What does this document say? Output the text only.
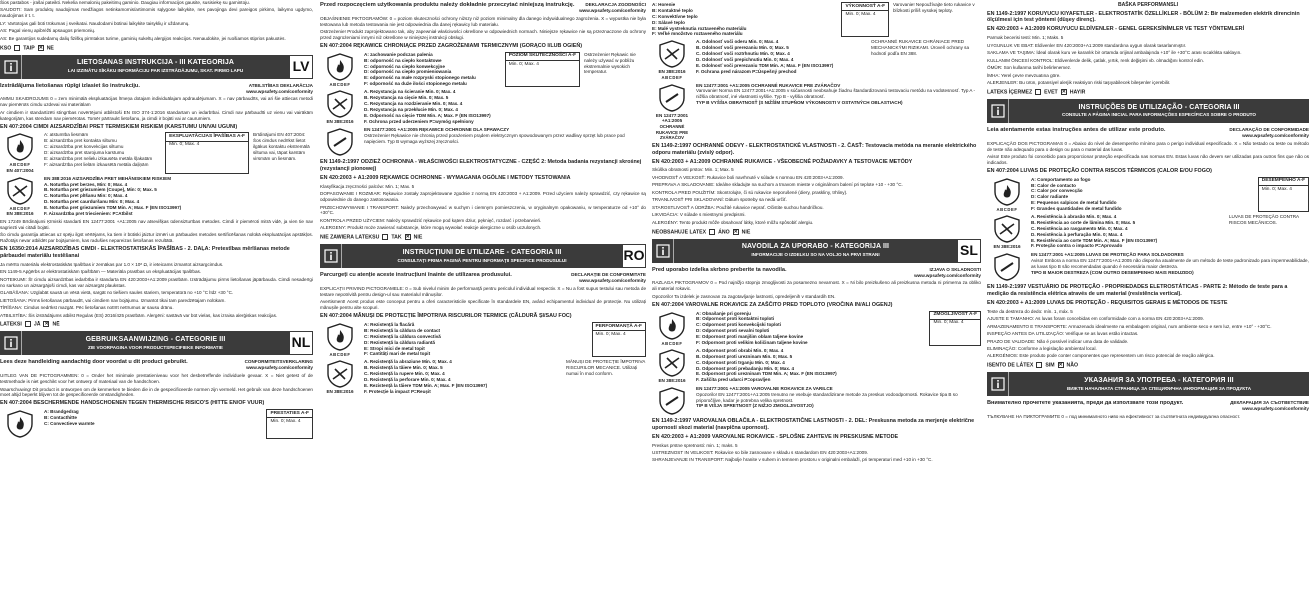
Šios pastabos - įrašai pateikti. Nekelia nemalonių pakeitimų gaminio. Daugiau informacijos gausite, susisiekę su gamintoju.

SAUDOTI: Sam produktų naudojimas medžiagos netinkamomis/artimomis sąlygose laikykite, nes pavojinga devi pareigos pirkimo, laikymo ugdymo, naudojimas ir t. t.

LY: Vartotojas gali būti trūkumas į sveikatai. Naudodami būtinai laikykite taisyklių ir uždarumų.

AS: Pagal vienų apibrėžti apsaugos priemonių.

AS: Be garantijos sudedamų dalių fiziškų pirmtakos turime, gaminių sukeltų alergijos reakcijos. Nenaudokite, jei ruošiamos stiprios pakuotės.

KSO TAIP ✕ NE
LIETOSANAS INSTRUKCIJA - III KATEGORIJA
LAI IZZINĀTU SĪKĀKU INFORMĀCIJU PAR IZSTRĀDĀJUMU, SKAT. PIRMO LAPU	LV
Izstrādājuma lietošanas rūpīgi izlasiet šo instrukciju.	ATBILSTĪBAS DEKLARĀCIJA
www.wpsafety.com/conformity

AMMU SKAIDROJUMS 0 = zem minimālā ekspluatācijas līmeņa dotajam individuālajam apdraudējumam. X = nav pārbaudīts, vai ari šie attiecas metodi nav piemērots cimdu uzdevai vai materiālam

Ar cimdiem ir standartizēti stingrības novērtējumi atbilstoši EN ISO 374-1:2016 standartam un iedarbībai. Cimdi nav pārbaudīti uz vienu vai vairākām kategorijām, kas stendam nav piemērotas. Tomēr pārtraukt lietošanu, ja cimdi ir bojāti vai ar caurumiem.

EN 407:2004 CIMDI AIZSARDZĪBAI PRET TERMISKIEM RISKIEM (KARSTUMU UN/VAI UGUNI)
ABCDEF
EN 407:2004
A: atstumība liesmām
B: aizsardzība pret kontakta siltumu
C: aizsardzība pret konvekcijas siltumu
D: aizsardzība pret starojuma karstumu
E: aizsardzība pret nelielu izkausēta metāla šļakatām
F: aizsardzība pret lielām izkausētā metāla daļiņām
EKSPLUATĀCIJAS ĪPAŠĪBAS A-F
Min. 0; Max. 4
Brīdinājumi EN 407:2004: Šos cimdus nedrīkst lietot ilgākus kontaktu ekstremālā siltuma vai, tāpat karstām virsmām un liesmām.
ABCDEF
EN 388:2016
EN 388:2016 AIZSARDZĪBA PRET MEHĀNISKIEM RISKIEM
A. Noturība pret berzes, Min: 0; Max. 4
B. Noturība pret griezumiem (Coupe), Min: 0; Max. 5
C. Noturība pret plīšanu Min: 0; Max. 4
D. Noturība pret caurduršanu Min: 0; Max. 4
E. Noturība pret griezumiem TDM Min. A; Max. F (EN ISO13997)
F. Aizsardzība pret triecieniem: P=Atbilst

EN 17249 Brīdinājumi Ķīmiski standarti EN 12477:2001 +A1:2005 nav atsevišķas ūdensizturības metodes. Cimdi ir piemēroti mitrā vidē, ja vien tie nav sagriezti vai citādi bojāti.

Šo cimdu garantija attiecas uz spēju ilgst vērtējams, ka tiem ir būtiski jāiztur izmēri un pārbaudes metodes sertificēšanas nolūkā ekspluatācijas apstākļos. Ražotājs nevar atbildēt par bojājumiem, kas radušies nepareizas lietošanas rezultātā.

EN 16350:2014 AIZSARDZĪBAS CIMDI - ELEKTROSTATISKĀS ĪPAŠĪBAS - 2. DAĻA: Pretestības mērīšanas metode pārbaudei materiālu testēšanai

Ja mērīto materiālu elektrostatiskās īpašības ir zemākas par 1.0 × 10⁸ Ω, ir ieteicams izmantot aizsargcimdus.

EN 1149-5 Apģērbs ar elektrostatiskām īpašībām — Materiāla prasības un ekspluatācijas īpašības.

NOTEIKUMI: Šī cimdu aizsardzības iedarbība ir standarta EN 420:2003+A1:2009 prasībām. Izstrādājumu pirms lietošanas jāpārbauda. Cimdi nesaderīgi no sarkano un aizsargājoši cimdi, kas var aizsargāt plaukstas.

GLABĀŠANA: Uzglabāt sausā un vēsā vietā, sargāt no tiešiem saules stariem, temperatūrā no +10 °C līdz +30 °C.

LIETOŠANA: Pirms lietošanas pārbaudīt, vai cimdiem nav bojājumu. Izmantot tikai tam paredzētajam nolūkam.

TĪRĪŠANA: Cimdus nedrīkst mazgāt. Pēc lietošanas notīrīt netīrumus ar sausu drānu.

ATBILSTĪBA: Šis izstrādājums atbilst Regulas (ES) 2016/425 prasībām. Alergēni: sastāvā var būt vielas, kas izraisa alerģiskas reakcijas.

LATEKSI JĀ ✕ NĒ
GEBRUIKSAANWIJZING - CATEGORIE III
ZIE VOORPAGINA VOOR PRODUCTSPECIFIEKE INFORMATIE	NL
Lees deze handleiding aandachtig door voordat u dit product gebruikt.	CONFORMITEITSVERKLARING
www.wpsafety.com/conformity

UITLEG VAN DE PICTOGRAMMEN: 0 = Onder het minimale prestatieniveau voor het desbetreffende individuele gevaar. X = Niet getest of de testmethode is niet geschikt voor het ontwerp of materiaal van de handschoen.

Waarschuwing! Dit product is ontworpen om de kenmerken te bieden die in de gespecificeerde normen zijn vermeld. Het gebruik van deze handschoenen moet altijd beperkt blijven tot de gespecificeerde omstandigheden.

EN 407:2004 BESCHERMENDE HANDSCHOENEN TEGEN THERMISCHE RISICO'S (HITTE EN/OF VUUR)
A: Brandgedrag
B: Contacthitte
C: Convectieve warmte
PRESTATIES A-F
Min. 0; Max. 4
Przed rozpoczęciem użytkowania produktu należy dokładnie przeczytać niniejszą instrukcję.	DEKLARACJA ZGODNOŚCI
www.wpsafety.com/conformity

OBJAŚNIENIE PIKTOGRAMÓW: 0 = poziom skuteczności ochrony niższy niż poziom minimalny dla danego indywidualnego zagrożenia. X = wypustka nie była testowana lub metoda testowania nie jest odpowiednia dla danej rękawicy lub materiału.

Ostrzeżenie! Produkt zaprojektowano tak, aby zapewniał właściwości określone w odpowiednich normach. Niniejsze rękawice nie są przeznaczone do ochrony przed zagrożeniami innymi niż określone w niniejszej instrukcji obsługi.

EN 407:2004 RĘKAWICE CHRONIĄCE PRZED ZAGROŻENIAMI TERMICZNYMI (GORĄCO I/LUB OGIEŃ)
ABCDEF
A: zachowanie podczas palenia
B: odporność na ciepło kontaktowe
C: odporność na ciepło konwekcyjne
D: odporność na ciepło promieniowania
E: odporność na małe rozpryski stopionego metalu
F: odporność na duże ilości stopionego metalu
POZIOM SKUTECZNOŚCI A-F
Min. 0; Max. 4
Ostrzeżenie! Rękawic nie należy używać w pobliżu ekstremalnie wysokich temperatur.
EN 388:2016
A. Rezystancja na ścieranie Min. 0; Max. 4
B. Rezystancja na cięcie Min. 0; Max. 5
C. Rezystancja na rozdzieranie Min. 0; Max. 4
D. Rezystancja na przekłucie Min. 0; Max. 4
E. Odporność na cięcie TDM Min. A; Max. F (EN ISO13997)
F. Ochrona przed uderzeniem P=wymóg spełniony
EN 12477:2001 +A1:2005 RĘKAWICE OCHRONNE DLA SPAWACZY
Ostrzeżenie! Rękawice nie chronią przed porażeniem prądem elektrycznym spowodowanym przez wadliwy sprzęt lub prace pod napięciem. Typ B wymaga wyższej zręczności.
EN 1149-2:1997 ODZIEŻ OCHRONNA - WŁAŚCIWOŚCI ELEKTROSTATYCZNE - CZĘŚĆ 2: Metoda badania rezystancji skrośnej (rezystancji pionowej)
EN 420:2003 + A1:2009 RĘKAWICE OCHRONNE - WYMAGANIA OGÓLNE I METODY TESTOWANIA

Klasyfikacja zręczności palców: Min. 1; Max. 5

DOPASOWANIE I ROZMIAR: Rękawice zostały zaprojektowane zgodnie z normą EN 420:2003 + A1:2009. Przed użyciem należy sprawdzić, czy rękawice są odpowiednie do danego zastosowania.

PRZECHOWYWANIE I TRANSPORT: Należy przechowywać w suchym i ciemnym pomieszczeniu, w oryginalnym opakowaniu, w temperaturze od +10° do +30°C.

KONTROLA PRZED UŻYCIEM: Należy sprawdzić rękawice pod kątem dziur, pęknięć, rozdarć i przebarwień.

ALERGENY: Produkt może zawierać substancje, które mogą wywołać reakcje alergiczne u osób uczulonych.

NIE ZAWIERA LATEKSU TAK ✕ NIE
INSTRUCȚIUNI DE UTILIZARE - CATEGORIA III
CONSULTAȚI PRIMA PAGINĂ PENTRU INFORMAȚII SPECIFICE PRODUSULUI	RO
Parcurgeți cu atenție aceste instrucțiuni înainte de utilizarea produsului.	DECLARAȚIE DE CONFORMITATE
www.wpsafety.com/conformity

EXPLICAȚII PRIVIND PICTOGRAMELE: 0 = Sub nivelul minim de performanță pentru pericolul individual respectiv. X = Nu a fost supus testului sau metoda de testare nepotrivită pentru design-ul sau materialul mănușilor.

Avertisment! Acest produs este conceput pentru a oferi caracteristicile specificate în standardele EN, având echipamentul individual de protecție. Nu utilizați mănușile pentru alte scopuri.

EN 407:2004 MĂNUȘI DE PROTECȚIE ÎMPOTRIVA RISCURILOR TERMICE (CĂLDURĂ ȘI/SAU FOC)
ABCDEF
A: Rezistență la flacără
B: Rezistență la căldura de contact
C: Rezistență la căldura convectivă
D: Rezistență la căldura radiantă
E: Stropi mici de metal topit
F: Cantități mari de metal topit
PERFORMANȚĂ A-F
Min. 0; Max. 4
EN 388:2016
A. Rezistență la abraziune Min. 0; Max. 4
B. Rezistență la tăiere Min. 0; Max. 5
C. Rezistență la rupere Min. 0; Max. 4
D. Rezistență la perforare Min. 0; Max. 4
E. Rezistență la tăiere TDM Min. A; Max. F (EN ISO13997)
F. Protecție la impact P=Reușit
MĂNUȘI DE PROTECȚIE ÎMPOTRIVA RISCURILOR MECANICE. Utilizați numai în mod conform.
A: Horenie
B: Kontaktné teplo
C: Konvektívne teplo
D: Sálavé teplo
E: Malé vystreknutia roztaveného materiálu
F: Veľké množstvo roztaveného materiálu
VÝKONNOSŤ A-F
Min. 0; Max. 4
Varovanie! Nepoužívajte tieto rukavice v blízkosti príliš vysokej teploty.
EN 388:2016
ABCDEF
A. Odolnosť voči oderu Min. 0; Max. 4
B. Odolnosť voči prerezaniu Min. 0; Max. 5
C. Odolnosť voči roztrhnutiu Min. 0; Max. 4
D. Odolnosť voči prepichnutiu Min. 0; Max. 4
E. Odolnosť voči prerezaniu TDM Min. A; Max. F (EN ISO13997)
F. Ochrana pred nárazom P=Úspešný prechod
OCHRANNÉ RUKAVICE CHRÁNIACE PRED MECHANICKÝMI RIZIKAMI. Úroveň ochrany sa hodnotí podľa EN 388.
EN 12477:2001 +A1:2005
OCHRANNÉ RUKAVICE PRE ZVÁRAČOV
EN 12477:2001 +A1:2005 OCHRANNÉ RUKAVICE PRE ZVÁRAČOV
Varovanie! Norma EN 12477:2001+A1:2005 v súčasnosti neobsahuje žiadnu štandardizovanú testovaciu metódu na vodotesnosť. Typ A - nižšia obratnosť, iné vlastnosti vyššie. Typ B - vyššia obratnosť.
TYP B VYŠŠIA OBRATNOSŤ (S NIŽŠÍM STUPŇOM VÝKONNOSTI V OSTATNÝCH OBLASTIACH)
EN 1149-2:1997 OCHRANNÉ ODEVY - ELEKTROSTATICKÉ VLASTNOSTI - 2. ČASŤ: Testovacia metóda na meranie elektrického odporu materiálu (zvislý odpor).
EN 420:2003 + A1:2009 OCHRANNÉ RUKAVICE - VŠEOBECNÉ POŽIADAVKY A TESTOVACIE METÓDY

Skúška obratnosti prstov: Min. 1; Max. 5

VHODNOSŤ A VEĽKOSŤ: Rukavice boli navrhnuté v súlade s normou EN 420:2003+A1:2009.

PREPRAVA A SKLADOVANIE: Ideálne skladujte na suchom a tmavom mieste v originálnom balení pri teplote +10 - +30 °C.

KONTROLA PRED POUŽITÍM: Skontrolujte, či sú rukavice neporušené (diery, praskliny, trhliny).

TRVANLIVOSŤ PRI SKLADOVANÍ: Dátum spotreby sa nedá určiť.

STAROSTLIVOSŤ A ÚDRŽBA: Použité rukavice neprať. Očistite suchou handričkou.

LIKVIDÁCIA: V súlade s miestnymi predpismi.

ALERGÉNY: Tento produkt môže obsahovať látky, ktoré môžu spôsobiť alergiu.

NEOBSAHUJE LATEX ÁNO ✕ NIE
NAVODILA ZA UPORABO - KATEGORIJA III
INFORMACIJE O IZDELKU SO NA VOLJO NA PRVI STRANI	SL
Pred uporabo izdelka skrbno preberite ta navodila.	IZJAVA O SKLADNOSTI
www.wpsafety.com/conformity

RAZLAGA PIKTOGRAMOV 0 = Pod najnižjo stopnjo zmogljivosti za posamezno nevarnost. X = Ni bilo preizkušeno ali preizkusna metoda ni primerna za obliko ali material rokavic.

Opozorilo! Ta izdelek je zasnovan za zagotavljanje lastnosti, opredeljenih v standardih EN.

EN 407:2004 VAROVALNE ROKAVICE ZA ZAŠČITO PRED TOPLOTO (VROČINA IN/ALI OGENJ)
ABCDEF
A: Obnašanje pri gorenju
B: Odpornost proti kontaktni toploti
C: Odpornost proti konvekcijski toploti
D: Odpornost proti sevalni toploti
E: Odpornost proti manjšim oblam taljene kovine
F: Odpornost proti velikim količinam taljene kovine
ZMOGLJIVOST A-F
Min. 0; Max. 4
EN 388:2016
A. Odpornost proti obrabi Min. 0; Max. 4
B. Odpornost proti urezninam Min. 0; Max. 5
C. Odpornost proti trganju Min. 0; Max. 4
D. Odpornost proti prebadanju Min. 0; Max. 4
E. Odpornost proti urezninam TDM Min. A; Max. F (EN ISO13997)
F. Zaščita pred udarci P=opravljen
EN 12477:2001 +A1:2005 VAROVALNE ROKAVICE ZA VARILCE
Opozorilo! EN 12477:2001+A1:2005 trenutno ne vsebuje standardizirane metode za preskus vodoodpornosti. Rokavice tipa B so priporočljive, kadar je potrebna velika spretnost.
TIP B VIŠJA SPRETNOST (Z NIŽJO ZMOGLJIVOSTJO)
EN 1149-2:1997 VAROVALNA OBLAČILA - ELEKTROSTATIČNE LASTNOSTI - 2. DEL: Preskusna metoda za merjenje električne upornosti skozi material (navpična upornost).
EN 420:2003 + A1:2009 VAROVALNE ROKAVICE - SPLOŠNE ZAHTEVE IN PRESKUSNE METODE

Preskus prstne spretnosti: min. 1; maks. 5

USTREZNOST IN VELIKOST: Rokavice so bile zasnovane v skladu s standardom EN 420:2003+A1:2009.

SHRANJEVANJE IN TRANSPORT: Najbolje hranite v suhem in temnem prostoru v originalni embalaži, pri temperaturi med +10 in +30 °C.

BAŠKA PERFORMANSLI
EN 1149-2:1997 KORUYUCU KIYAFETLER - ELEKTROSTATİK ÖZELLİKLER - BÖLÜM 2: Bir malzemeden elektrik direncinin ölçülmesi için test yöntemi (düşey direnç).
EN 420:2003 + A1:2009 KORUYUCU ELDİVENLER - GENEL GEREKSİNİMLER VE TEST YÖNTEMLERİ

Parmak becerisi testi: Min. 1; Maks. 5

UYGUNLUK VE EBAT: Eldivenler EN 420:2003+A1:2009 standardına uygun olarak tasarlanmıştır.

SAKLAMA VE TAŞIMA: İdeal olarak kuru ve karanlık bir ortamda orijinal ambalajında +10° ile +30°C arası sıcaklıkta saklayın.

KULLANIM ÖNCESİ KONTROL: Eldivenlerde delik, çatlak, yırtık, renk değişimi vb. olmadığını kontrol edin.

ÖMÜR: Son kullanma tarihi belirlenemez.

İMHA: Yerel çevre mevzuatına göre.

ALERJENLER: Bu ürün, potansiyel alerjik reaksiyon riski taşıyabilecek bileşenler içerebilir.

LATEKS İÇERMEZ EVET ✕ HAYIR
INSTRUÇÕES DE UTILIZAÇÃO - CATEGORIA III
CONSULTE A PÁGINA INICIAL PARA INFORMAÇÕES ESPECÍFICAS SOBRE O PRODUTO
Leia atentamente estas instruções antes de utilizar este produto.	DECLARAÇÃO DE CONFORMIDADE
www.wpsafety.com/conformity

EXPLICAÇÃO DOS PICTOGRAMAS 0 = Abaixo do nível de desempenho mínimo para o perigo individual especificado. X = Não testado ou teste ou método de teste não adequado para o design ou para o material das luvas.

Aviso! Este produto foi concebido para proporcionar proteção especificada nas normas EN. Estas luvas não devem ser utilizadas para outros fins que não os indicados.

EN 407:2004 LUVAS DE PROTEÇÃO CONTRA RISCOS TÉRMICOS (CALOR E/OU FOGO)
ABCDEF
A: Comportamento ao fogo
B: Calor de contacto
C: Calor por convecção
D: Calor radiante
E: Pequenos salpicos de metal fundido
F: Grandes quantidades de metal fundido
DESEMPENHO A-F
Min. 0; Max. 4
EN 388:2016
A. Resistência à abrasão Min. 0; Max. 4
B. Resistência ao corte de lâmina Min. 0; Max. 5
C. Resistência ao rasgamento Min. 0; Max. 4
D. Resistência à perfuração Min. 0; Max. 4
E. Resistência ao corte TDM Min. A; Max. F (EN ISO13997)
F. Proteção contra o impacto P=Aprovado
LUVAS DE PROTEÇÃO CONTRA RISCOS MECÂNICOS.
EN 12477:2001 +A1:2005 LUVAS DE PROTEÇÃO PARA SOLDADORES
Aviso! Embora a norma EN 12477:2001+A1:2005 não disponha atualmente de um método de teste padronizado para impermeabilidade, as luvas tipo B são recomendadas quando é necessária maior destreza.
TIPO B MAIOR DESTREZA (COM OUTRO DESEMPENHO MAIS REDUZIDO)
EN 1149-2:1997 VESTUÁRIO DE PROTEÇÃO - PROPRIEDADES ELETROSTÁTICAS - PARTE 2: Método de teste para a medição da resistência elétrica através de um material (resistência vertical).
EN 420:2003 + A1:2009 LUVAS DE PROTEÇÃO - REQUISITOS GERAIS E MÉTODOS DE TESTE

Teste da destreza do dedo: mín. 1, máx. 5

AJUSTE E TAMANHO: As luvas foram concebidas em conformidade com a norma EN 420:2003+A1:2009.

ARMAZENAMENTO E TRANSPORTE: Armazenado idealmente na embalagem original, num ambiente seco e sem luz, entre +10° - +30°C.

INSPEÇÃO ANTES DA UTILIZAÇÃO: Verifique se as luvas estão intactas.

PRAZO DE VALIDADE: Não é possível indicar uma data de validade.

ELIMINAÇÃO: Conforme a legislação ambiental local.

ALERGÉNIOS: Este produto pode conter componentes que representem um risco potencial de reação alérgica.

ISENTO DE LÁTEX SIM ✕ NÃO
УКАЗАНИЯ ЗА УПОТРЕБА - КАТЕГОРИЯ III
ВИЖТЕ НАЧАЛНАТА СТРАНИЦА ЗА СПЕЦИФИЧНА ИНФОРМАЦИЯ ЗА ПРОДУКТА
Внимателно прочетете указанията, преди да използвате този продукт.	ДЕКЛАРАЦИЯ ЗА СЪОТВЕТСТВИЕ
www.wpsafety.com/conformity

ТЪЛКУВАНЕ НА ПИКТОГРАМИТЕ 0 = под минималното ниво на ефективност за съответната индивидуална опасност.
